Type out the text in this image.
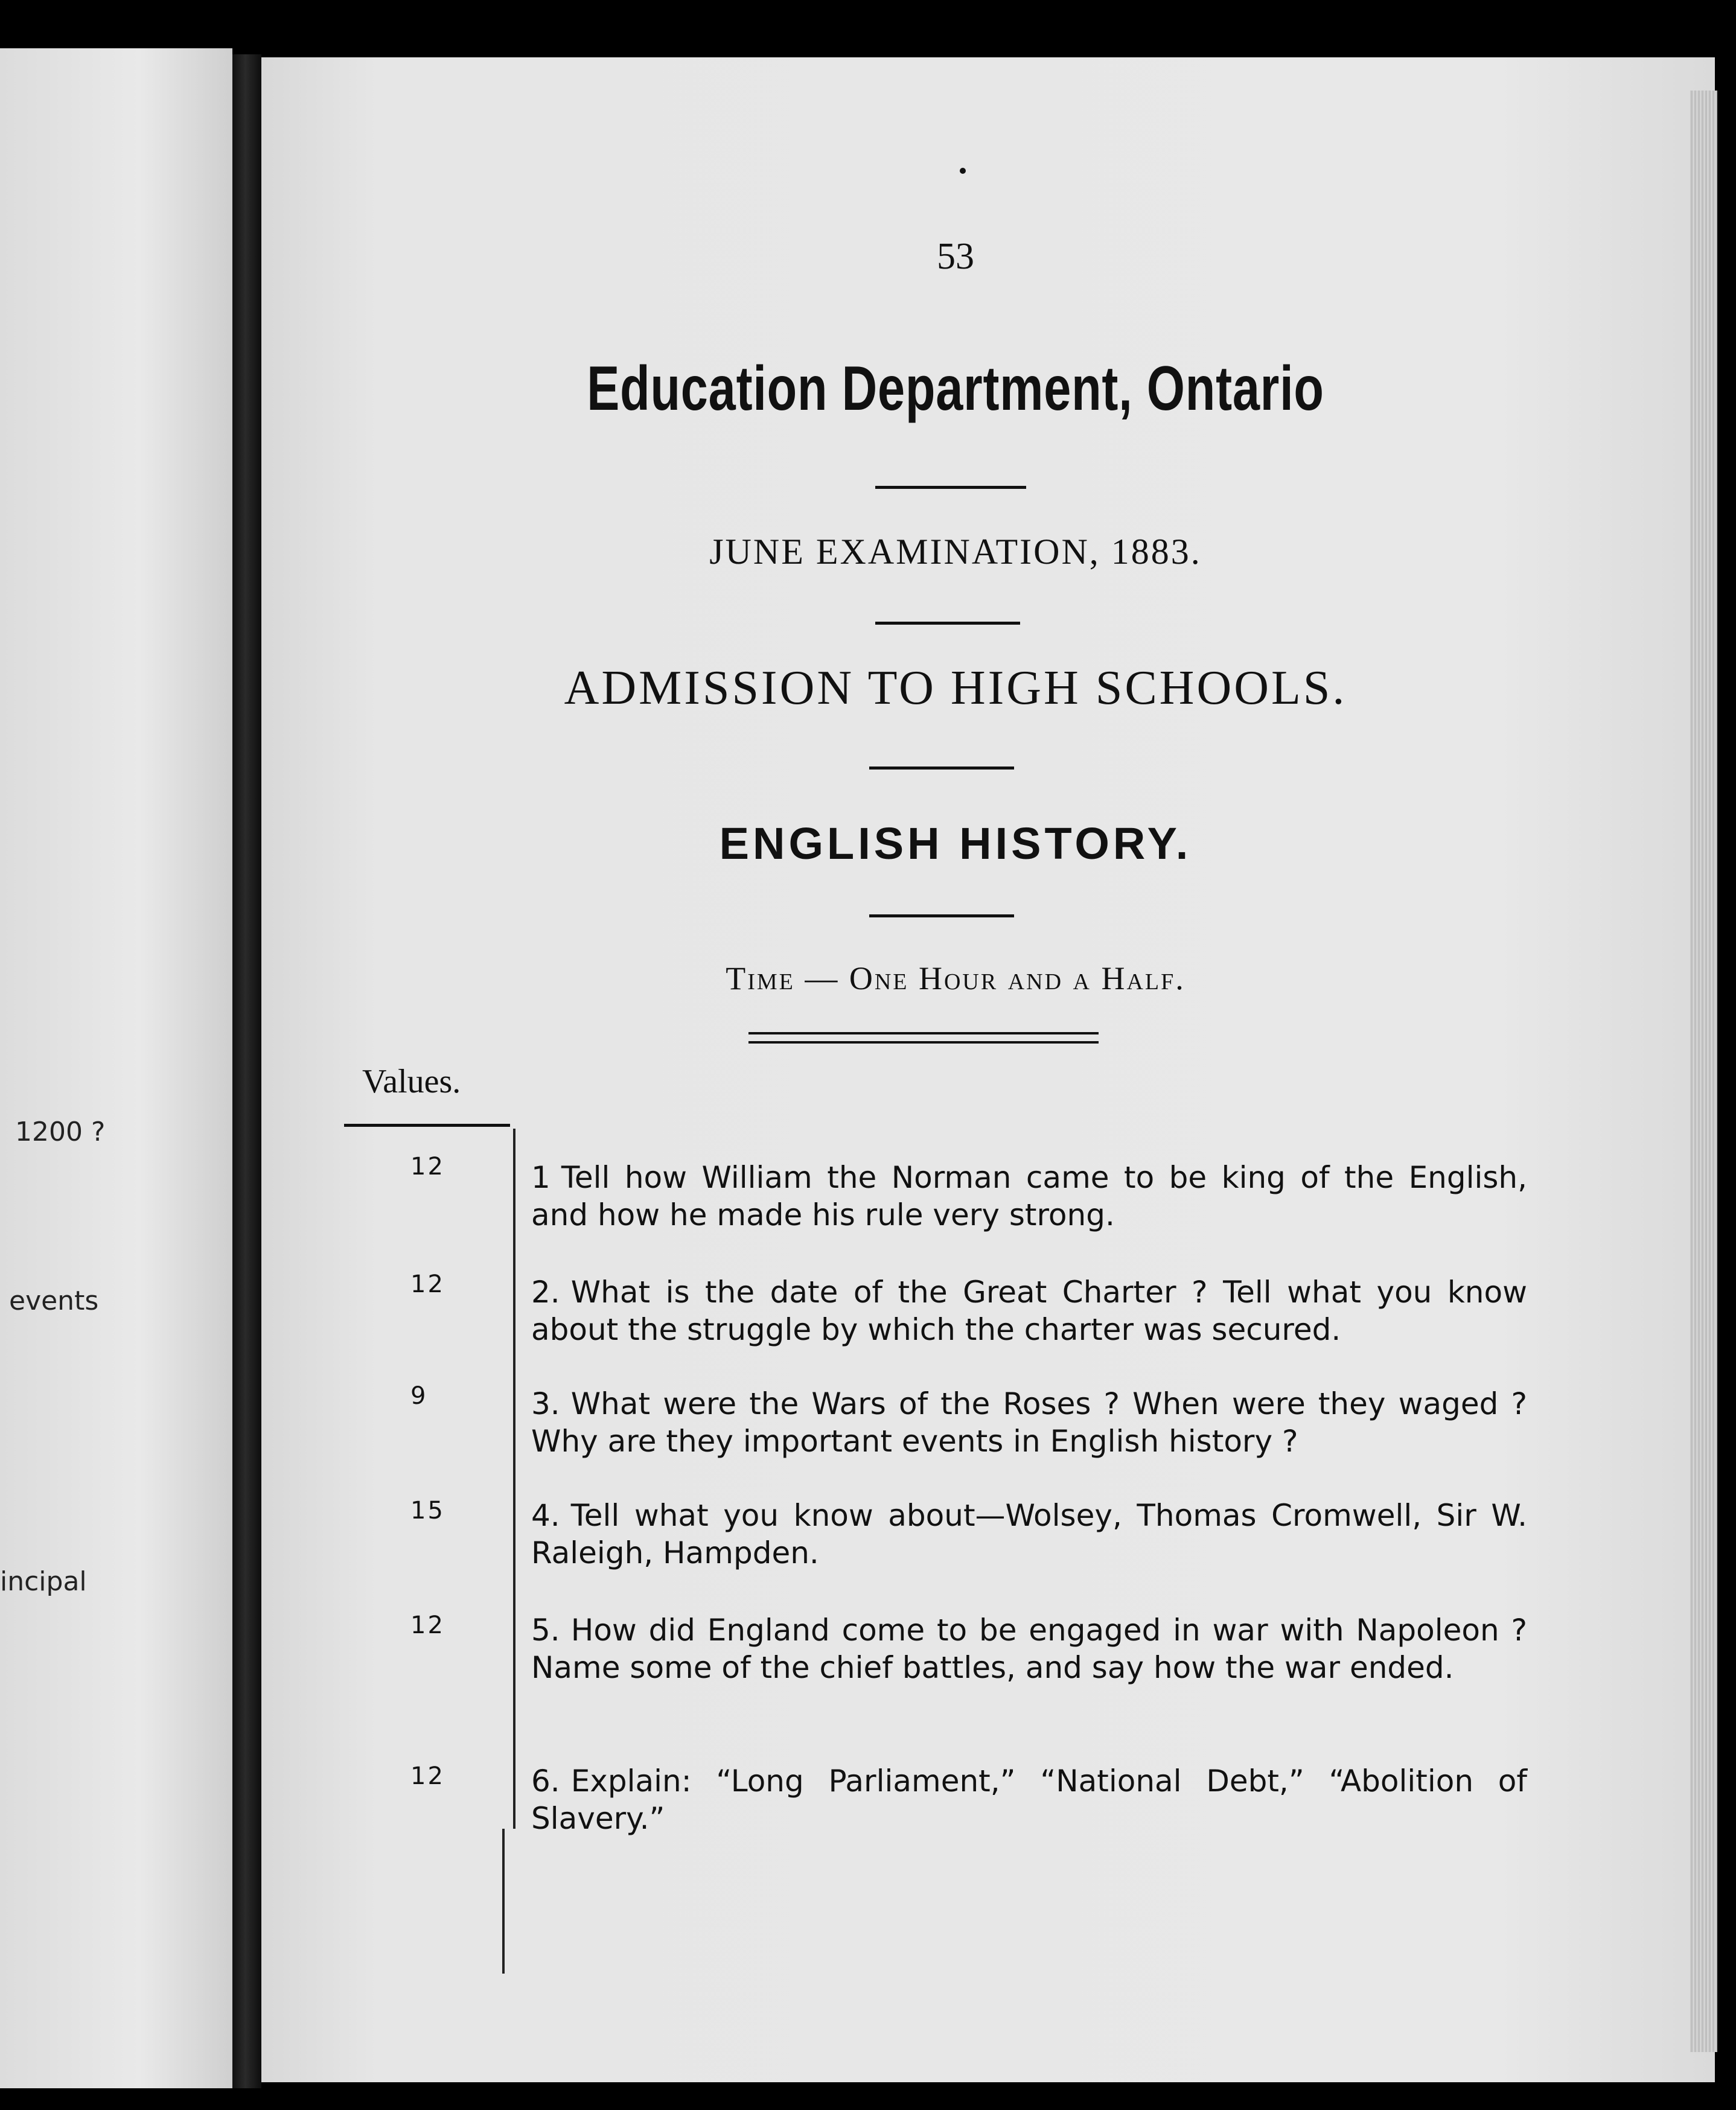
1200 ?
events
incipal
53
Education Department, Ontario
JUNE EXAMINATION, 1883.
ADMISSION TO HIGH SCHOOLS.
ENGLISH HISTORY.
Time — One Hour and a Half.
Values.
12	1 Tell how William the Norman came to be king of the English, and how he made his rule very strong.
12	2. What is the date of the Great Charter ? Tell what you know about the struggle by which the charter was secured.
9	3. What were the Wars of the Roses ? When were they waged ? Why are they important events in English history ?
15	4. Tell what you know about—Wolsey, Thomas Cromwell, Sir W. Raleigh, Hampden.
12	5. How did England come to be engaged in war with Napoleon ? Name some of the chief battles, and say how the war ended.
12	6. Explain: “Long Parliament,” “National Debt,” “Abolition of Slavery.”
